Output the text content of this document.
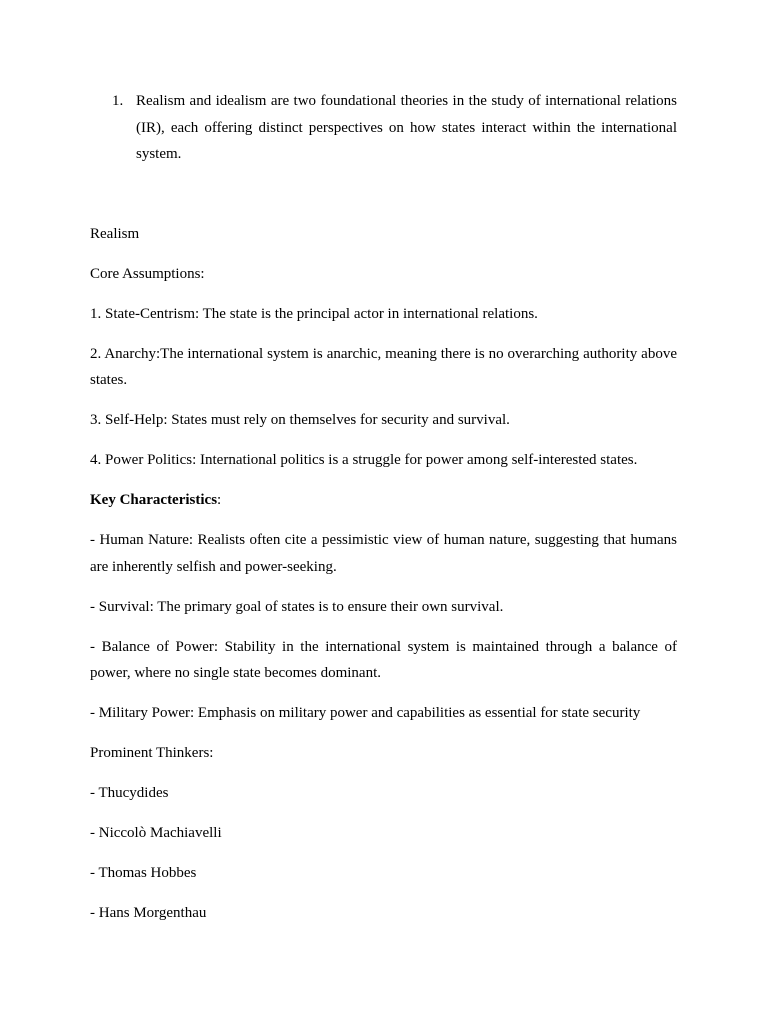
1. Realism and idealism are two foundational theories in the study of international relations (IR), each offering distinct perspectives on how states interact within the international system.

Realism

Core Assumptions:

1. State-Centrism: The state is the principal actor in international relations.

2. Anarchy:The international system is anarchic, meaning there is no overarching authority above states.

3. Self-Help: States must rely on themselves for security and survival.

4. Power Politics: International politics is a struggle for power among self-interested states.

Key Characteristics:

- Human Nature: Realists often cite a pessimistic view of human nature, suggesting that humans are inherently selfish and power-seeking.

- Survival: The primary goal of states is to ensure their own survival.

- Balance of Power: Stability in the international system is maintained through a balance of power, where no single state becomes dominant.

- Military Power: Emphasis on military power and capabilities as essential for state security

Prominent Thinkers:

- Thucydides

- Niccolò Machiavelli

- Thomas Hobbes

- Hans Morgenthau
